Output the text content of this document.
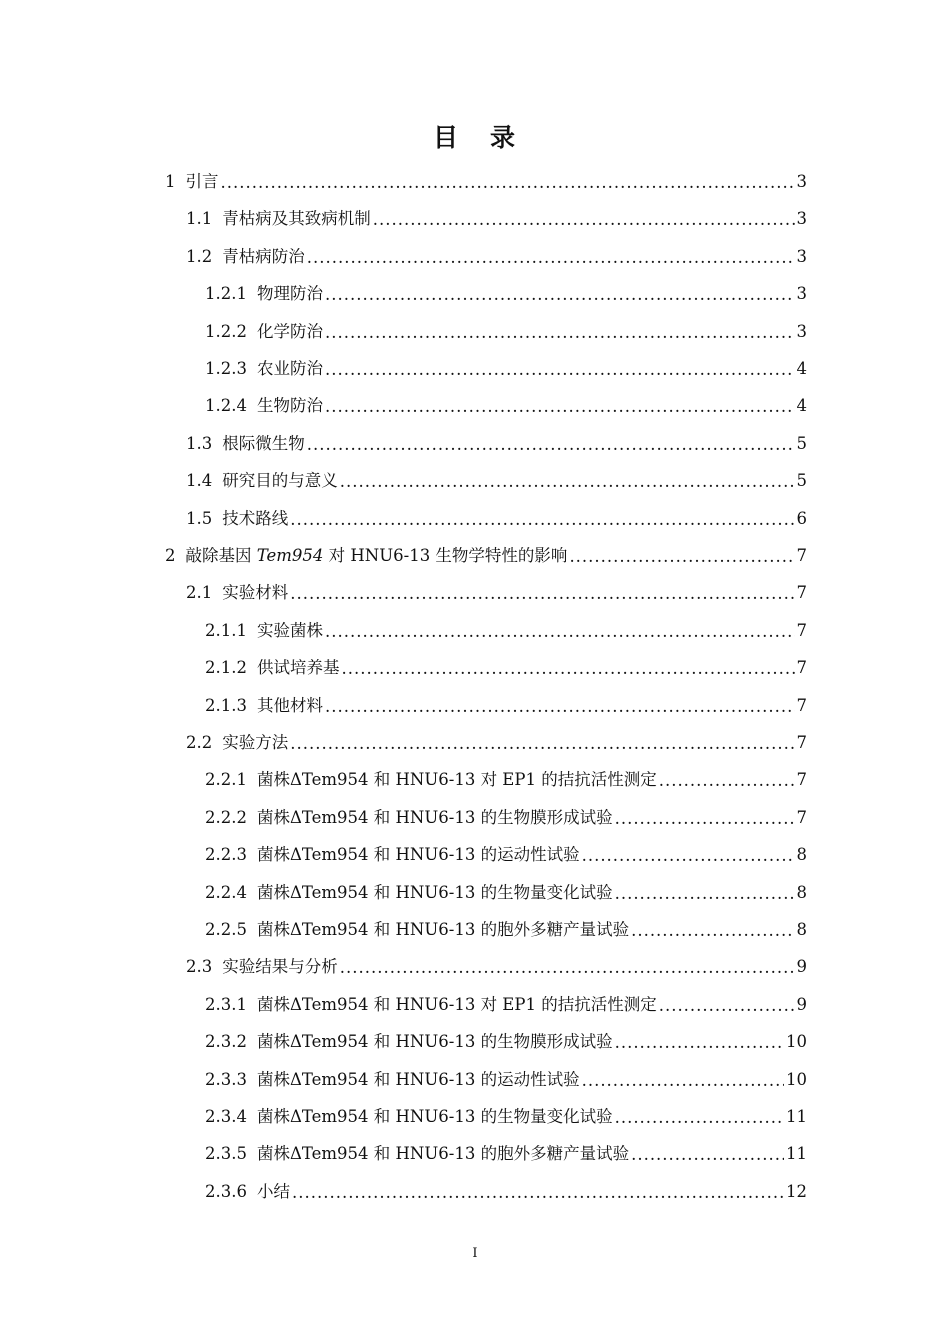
目 录
1 引言 .....	3
1.1 青枯病及其致病机制 .....	3
1.2 青枯病防治 .....	3
1.2.1 物理防治 .....	3
1.2.2 化学防治 .....	3
1.2.3 农业防治 .....	4
1.2.4 生物防治 .....	4
1.3 根际微生物 .....	5
1.4 研究目的与意义 .....	5
1.5 技术路线 .....	6
2 敲除基因 Tem954 对 HNU6-13 生物学特性的影响 .....	7
2.1 实验材料 .....	7
2.1.1 实验菌株 .....	7
2.1.2 供试培养基 .....	7
2.1.3 其他材料 .....	7
2.2 实验方法 .....	7
2.2.1 菌株ΔTem954 和 HNU6-13 对 EP1 的拮抗活性测定 .....	7
2.2.2 菌株ΔTem954 和 HNU6-13 的生物膜形成试验 .....	7
2.2.3 菌株ΔTem954 和 HNU6-13 的运动性试验 .....	8
2.2.4 菌株ΔTem954 和 HNU6-13 的生物量变化试验 .....	8
2.2.5 菌株ΔTem954 和 HNU6-13 的胞外多糖产量试验 .....	8
2.3 实验结果与分析 .....	9
2.3.1 菌株ΔTem954 和 HNU6-13 对 EP1 的拮抗活性测定 .....	9
2.3.2 菌株ΔTem954 和 HNU6-13 的生物膜形成试验 .....	10
2.3.3 菌株ΔTem954 和 HNU6-13 的运动性试验 .....	10
2.3.4 菌株ΔTem954 和 HNU6-13 的生物量变化试验 .....	11
2.3.5 菌株ΔTem954 和 HNU6-13 的胞外多糖产量试验 .....	11
2.3.6 小结 .....	12
I
